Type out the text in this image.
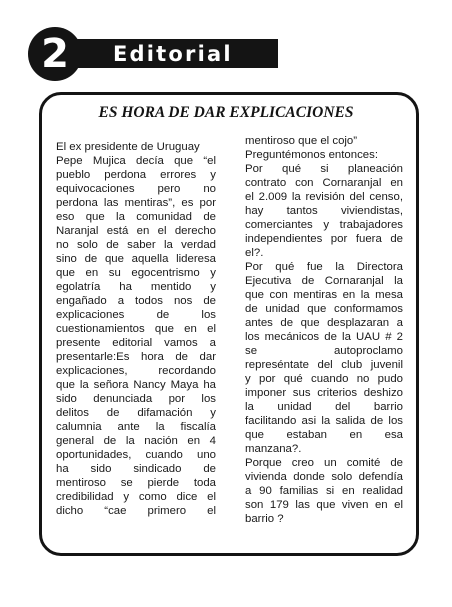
2	Editorial
ES HORA DE DAR EXPLICACIONES
El ex presidente de Uruguay
Pepe Mujica decía que “el
pueblo perdona errores y
equivocaciones pero no
perdona las mentiras”, es por
eso que la comunidad de
Naranjal está en el derecho
no solo de saber la verdad
sino de que aquella lideresa
que en su egocentrismo y
egolatría ha mentido y
engañado a todos nos de
explicaciones de los
cuestionamientos que en el
presente editorial vamos a
presentarle:Es hora de dar
explicaciones, recordando
que la señora Nancy Maya ha
sido denunciada por los
delitos de difamación y
calumnia ante la fiscalía
general de la nación en 4
oportunidades, cuando uno
ha sido sindicado de
mentiroso se pierde toda
credibilidad y como dice el
dicho “cae primero el
mentiroso que el cojo”
Preguntémonos entonces:
Por qué si planeación
contrato con Cornaranjal en
el 2.009 la revisión del censo,
hay tantos viviendistas,
comerciantes y trabajadores
independientes por fuera de
el?.
Por qué fue la Directora
Ejecutiva de Cornaranjal la
que con mentiras en la mesa
de unidad que conformamos
antes de que desplazaran a
los mecánicos de la UAU # 2
se autoproclamo
represéntate del club juvenil
y por qué cuando no pudo
imponer sus criterios deshizo
la unidad del barrio
facilitando asi la salida de los
que estaban en esa
manzana?.
Porque creo un comité de
vivienda donde solo defendía
a 90 familias si en realidad
son 179 las que viven en el
barrio ?
